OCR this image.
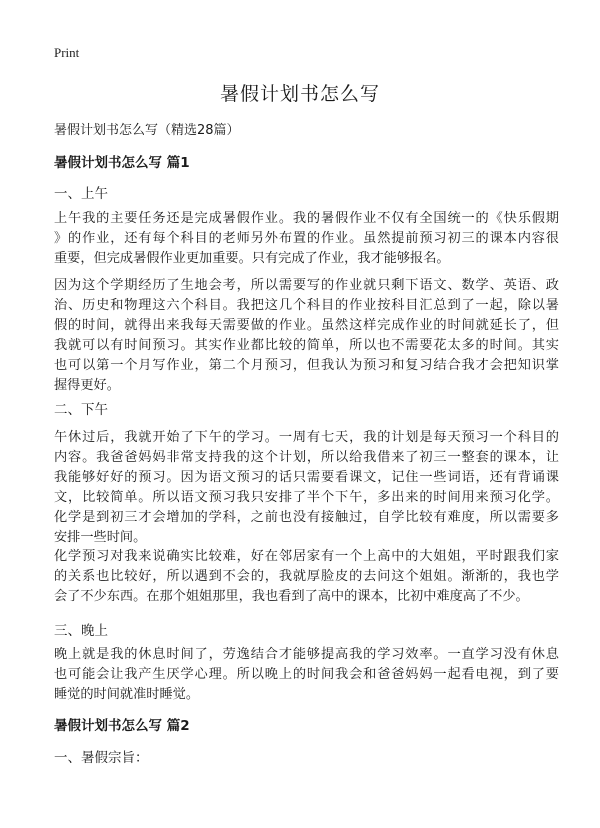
Print
暑假计划书怎么写
暑假计划书怎么写（精选28篇）
暑假计划书怎么写 篇1
一、上午
上午我的主要任务还是完成暑假作业。我的暑假作业不仅有全国统一的《快乐假期
》的作业，还有每个科目的老师另外布置的作业。虽然提前预习初三的课本内容很
重要，但完成暑假作业更加重要。只有完成了作业，我才能够报名。
因为这个学期经历了生地会考，所以需要写的作业就只剩下语文、数学、英语、政
治、历史和物理这六个科目。我把这几个科目的作业按科目汇总到了一起，除以暑
假的时间，就得出来我每天需要做的作业。虽然这样完成作业的时间就延长了，但
我就可以有时间预习。其实作业都比较的简单，所以也不需要花太多的时间。其实
也可以第一个月写作业，第二个月预习，但我认为预习和复习结合我才会把知识掌
握得更好。
二、下午
午休过后，我就开始了下午的学习。一周有七天，我的计划是每天预习一个科目的
内容。我爸爸妈妈非常支持我的这个计划，所以给我借来了初三一整套的课本，让
我能够好好的预习。因为语文预习的话只需要看课文，记住一些词语，还有背诵课
文，比较简单。所以语文预习我只安排了半个下午，多出来的时间用来预习化学。
化学是到初三才会增加的学科，之前也没有接触过，自学比较有难度，所以需要多
安排一些时间。
化学预习对我来说确实比较难，好在邻居家有一个上高中的大姐姐，平时跟我们家
的关系也比较好，所以遇到不会的，我就厚脸皮的去问这个姐姐。渐渐的，我也学
会了不少东西。在那个姐姐那里，我也看到了高中的课本，比初中难度高了不少。
三、晚上
晚上就是我的休息时间了，劳逸结合才能够提高我的学习效率。一直学习没有休息
也可能会让我产生厌学心理。所以晚上的时间我会和爸爸妈妈一起看电视，到了要
睡觉的时间就准时睡觉。
暑假计划书怎么写 篇2
一、暑假宗旨：
